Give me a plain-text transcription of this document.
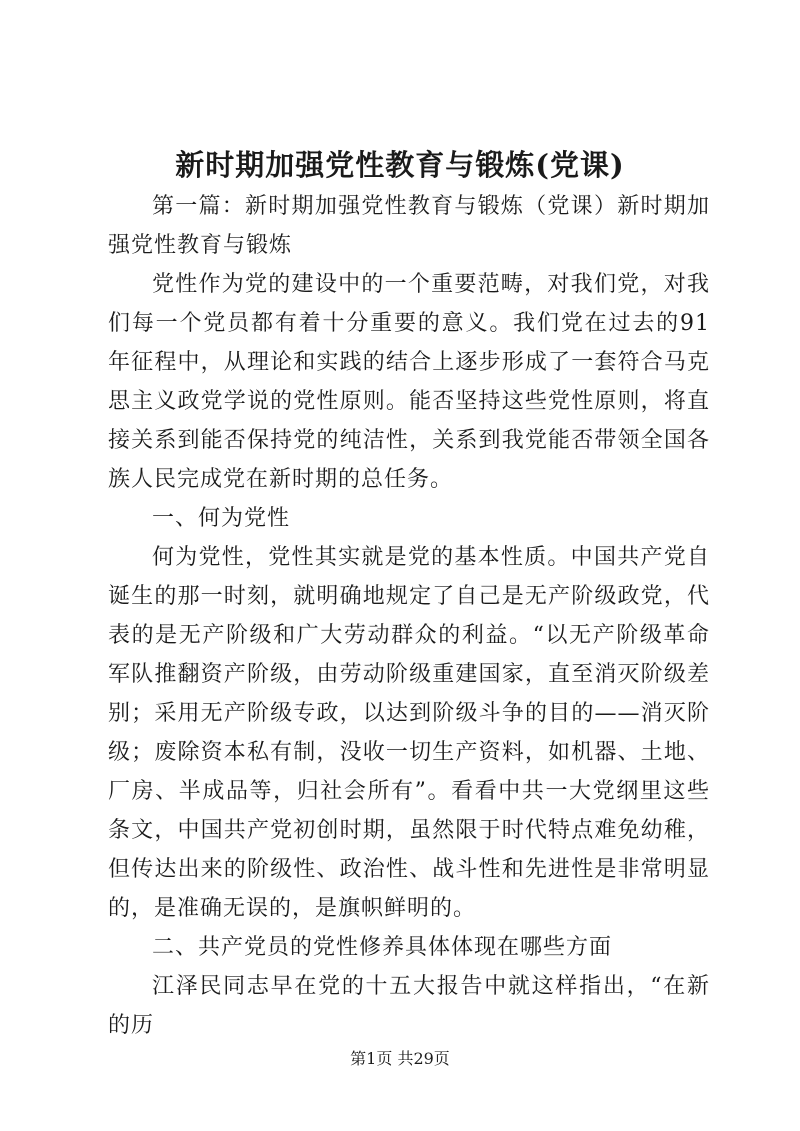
新时期加强党性教育与锻炼(党课)

第一篇：新时期加强党性教育与锻炼（党课）新时期加强党性教育与锻炼

党性作为党的建设中的一个重要范畴，对我们党，对我们每一个党员都有着十分重要的意义。我们党在过去的91年征程中，从理论和实践的结合上逐步形成了一套符合马克思主义政党学说的党性原则。能否坚持这些党性原则，将直接关系到能否保持党的纯洁性，关系到我党能否带领全国各族人民完成党在新时期的总任务。

一、何为党性

何为党性，党性其实就是党的基本性质。中国共产党自诞生的那一时刻，就明确地规定了自己是无产阶级政党，代表的是无产阶级和广大劳动群众的利益。“以无产阶级革命军队推翻资产阶级，由劳动阶级重建国家，直至消灭阶级差别；采用无产阶级专政，以达到阶级斗争的目的——消灭阶级；废除资本私有制，没收一切生产资料，如机器、土地、厂房、半成品等，归社会所有”。看看中共一大党纲里这些条文，中国共产党初创时期，虽然限于时代特点难免幼稚，但传达出来的阶级性、政治性、战斗性和先进性是非常明显的，是准确无误的，是旗帜鲜明的。

二、共产党员的党性修养具体体现在哪些方面

江泽民同志早在党的十五大报告中就这样指出，“在新的历

第1页 共29页
